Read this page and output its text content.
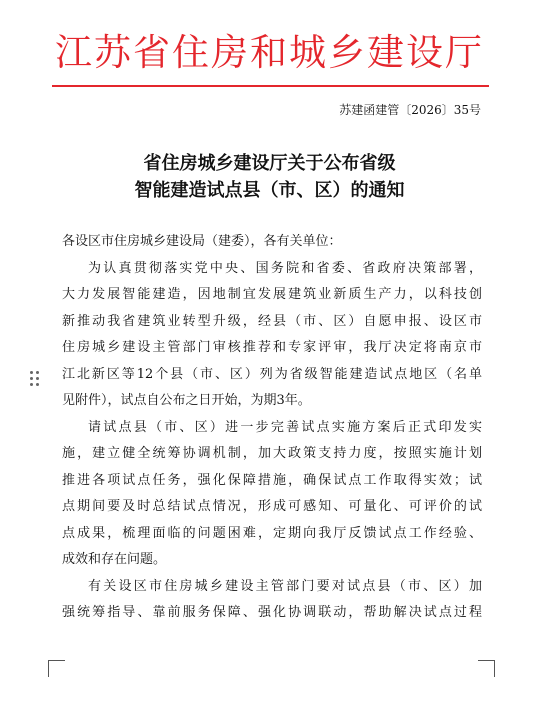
江苏省住房和城乡建设厅
苏建函建管〔2026〕35号
省住房城乡建设厅关于公布省级
智能建造试点县（市、区）的通知

各设区市住房城乡建设局（建委），各有关单位：

为认真贯彻落实党中央、国务院和省委、省政府决策部署，
大力发展智能建造，因地制宜发展建筑业新质生产力，以科技创
新推动我省建筑业转型升级，经县（市、区）自愿申报、设区市
住房城乡建设主管部门审核推荐和专家评审，我厅决定将南京市
江北新区等12个县（市、区）列为省级智能建造试点地区（名单
见附件），试点自公布之日开始，为期3年。

请试点县（市、区）进一步完善试点实施方案后正式印发实
施，建立健全统筹协调机制，加大政策支持力度，按照实施计划
推进各项试点任务，强化保障措施，确保试点工作取得实效；试
点期间要及时总结试点情况，形成可感知、可量化、可评价的试
点成果，梳理面临的问题困难，定期向我厅反馈试点工作经验、
成效和存在问题。

有关设区市住房城乡建设主管部门要对试点县（市、区）加
强统筹指导、靠前服务保障、强化协调联动，帮助解决试点过程
